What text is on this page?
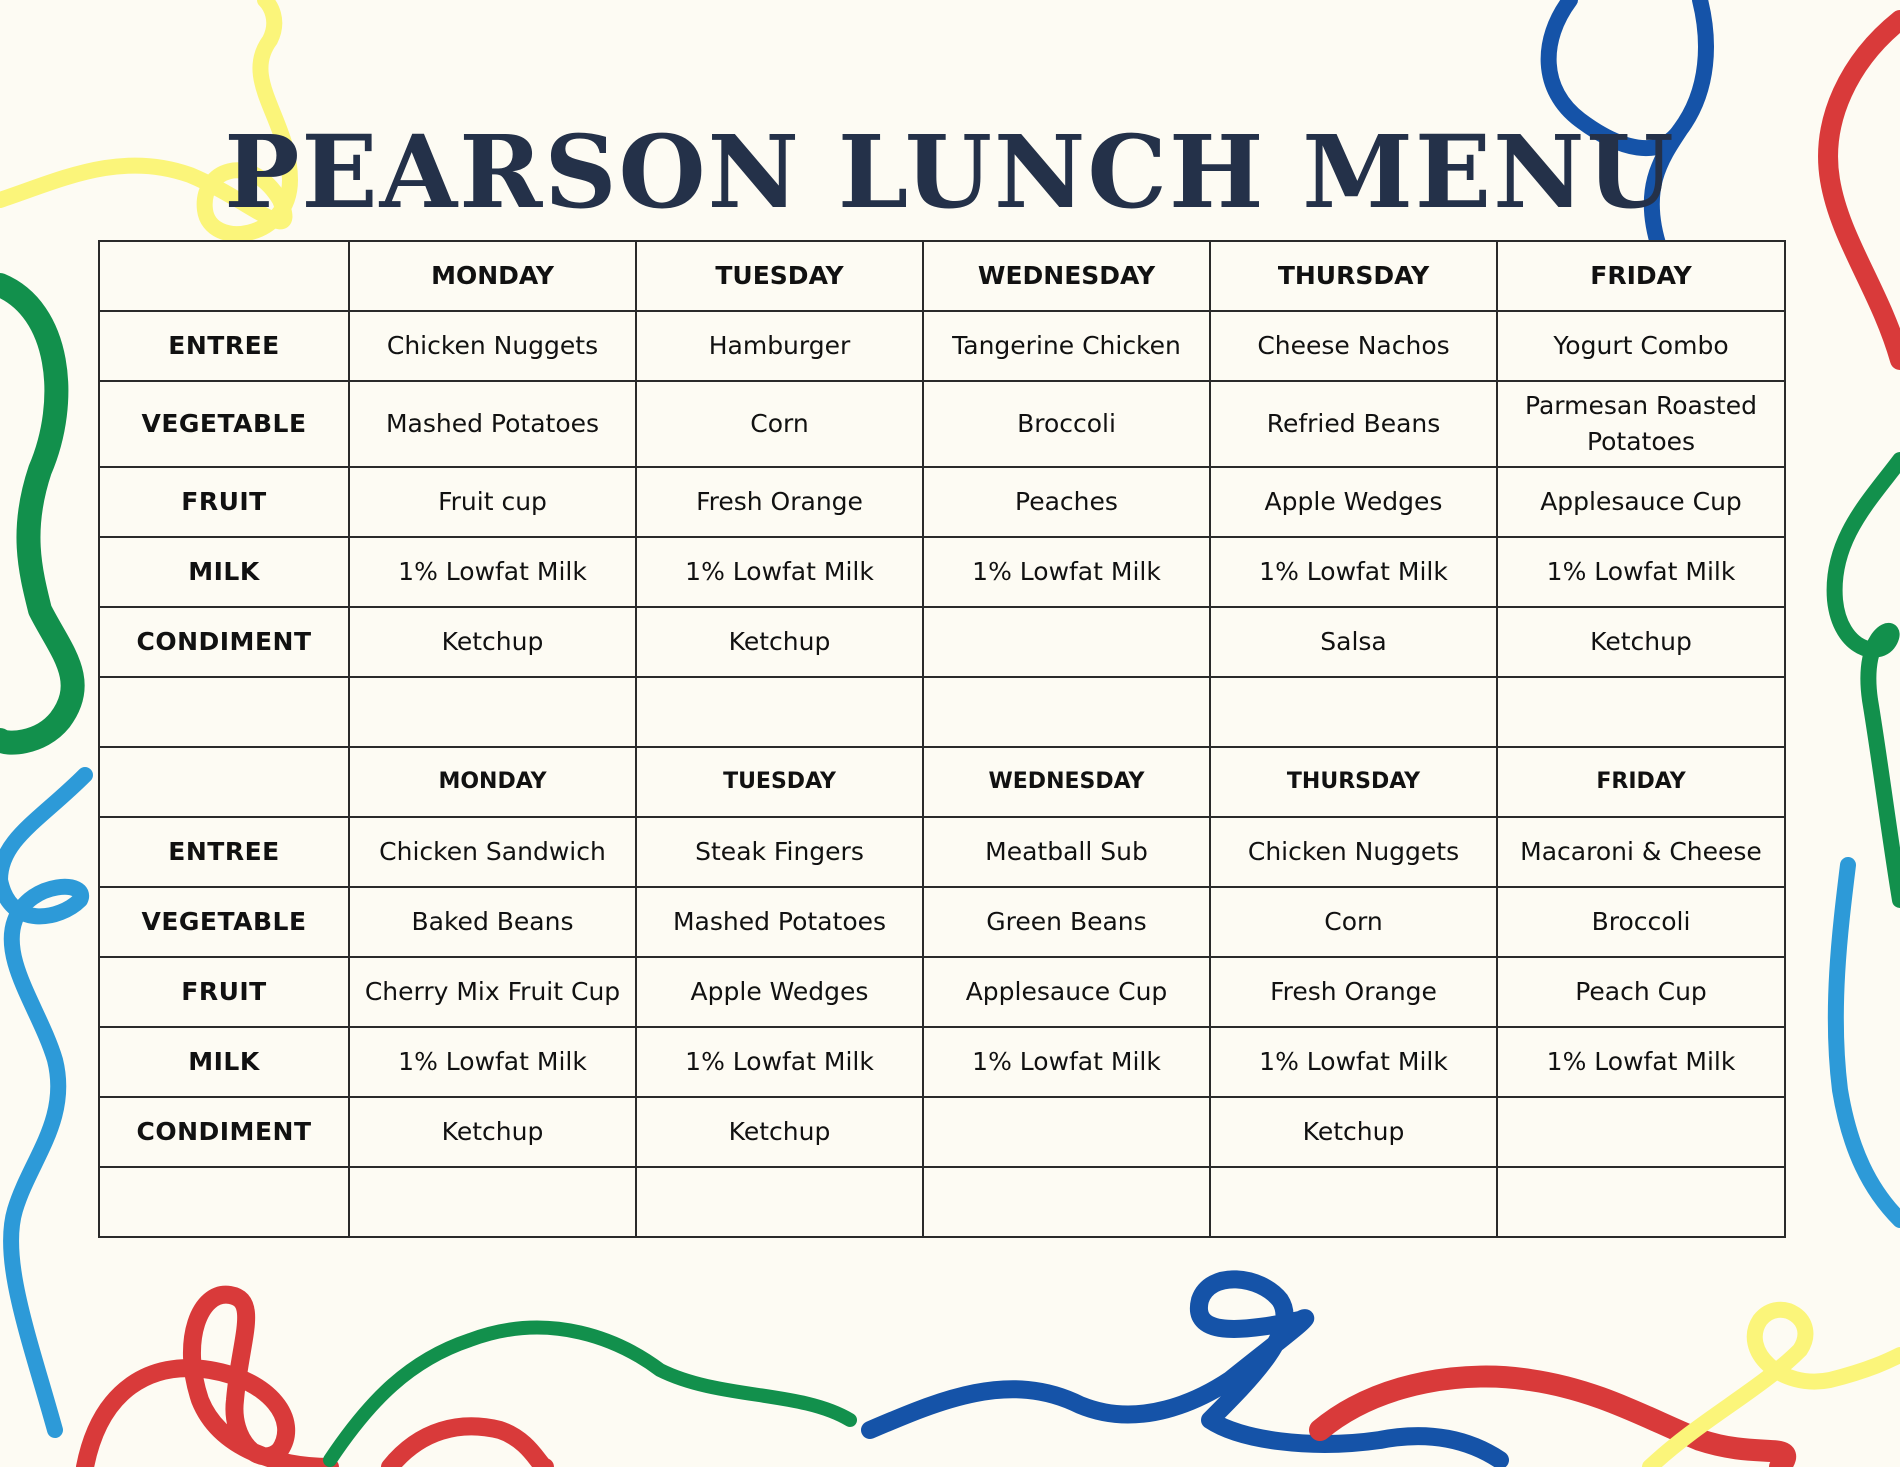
PEARSON LUNCH MENU
	MONDAY	TUESDAY	WEDNESDAY	THURSDAY	FRIDAY
ENTREE	Chicken Nuggets	Hamburger	Tangerine Chicken	Cheese Nachos	Yogurt Combo
VEGETABLE	Mashed Potatoes	Corn	Broccoli	Refried Beans	Parmesan Roasted Potatoes
FRUIT	Fruit cup	Fresh Orange	Peaches	Apple Wedges	Applesauce Cup
MILK	1% Lowfat Milk	1% Lowfat Milk	1% Lowfat Milk	1% Lowfat Milk	1% Lowfat Milk
CONDIMENT	Ketchup	Ketchup		Salsa	Ketchup

	MONDAY	TUESDAY	WEDNESDAY	THURSDAY	FRIDAY
ENTREE	Chicken Sandwich	Steak Fingers	Meatball Sub	Chicken Nuggets	Macaroni & Cheese
VEGETABLE	Baked Beans	Mashed Potatoes	Green Beans	Corn	Broccoli
FRUIT	Cherry Mix Fruit Cup	Apple Wedges	Applesauce Cup	Fresh Orange	Peach Cup
MILK	1% Lowfat Milk	1% Lowfat Milk	1% Lowfat Milk	1% Lowfat Milk	1% Lowfat Milk
CONDIMENT	Ketchup	Ketchup		Ketchup	
